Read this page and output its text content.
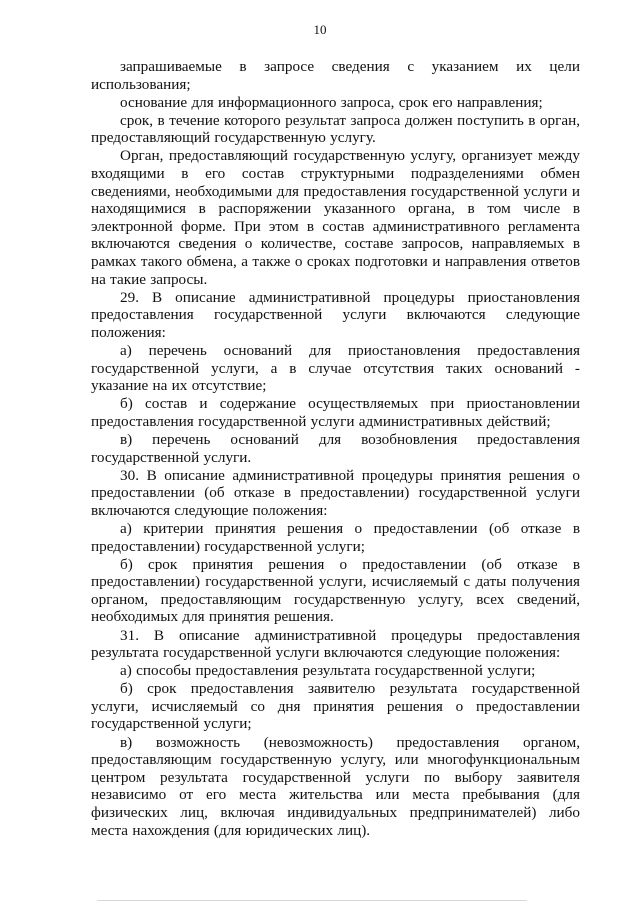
10

запрашиваемые в запросе сведения с указанием их цели использования;

основание для информационного запроса, срок его направления;

срок, в течение которого результат запроса должен поступить в орган, предоставляющий государственную услугу.

Орган, предоставляющий государственную услугу, организует между входящими в его состав структурными подразделениями обмен сведениями, необходимыми для предоставления государственной услуги и находящимися в распоряжении указанного органа, в том числе в электронной форме. При этом в состав административного регламента включаются сведения о количестве, составе запросов, направляемых в рамках такого обмена, а также о сроках подготовки и направления ответов на такие запросы.

29. В описание административной процедуры приостановления предоставления государственной услуги включаются следующие положения:

а) перечень оснований для приостановления предоставления государственной услуги, а в случае отсутствия таких оснований - указание на их отсутствие;

б) состав и содержание осуществляемых при приостановлении предоставления государственной услуги административных действий;

в) перечень оснований для возобновления предоставления государственной услуги.

30. В описание административной процедуры принятия решения о предоставлении (об отказе в предоставлении) государственной услуги включаются следующие положения:

а) критерии принятия решения о предоставлении (об отказе в предоставлении) государственной услуги;

б) срок принятия решения о предоставлении (об отказе в предоставлении) государственной услуги, исчисляемый с даты получения органом, предоставляющим государственную услугу, всех сведений, необходимых для принятия решения.

31. В описание административной процедуры предоставления результата государственной услуги включаются следующие положения:

а) способы предоставления результата государственной услуги;

б) срок предоставления заявителю результата государственной услуги, исчисляемый со дня принятия решения о предоставлении государственной услуги;

в) возможность (невозможность) предоставления органом, предоставляющим государственную услугу, или многофункциональным центром результата государственной услуги по выбору заявителя независимо от его места жительства или места пребывания (для физических лиц, включая индивидуальных предпринимателей) либо места нахождения (для юридических лиц).
